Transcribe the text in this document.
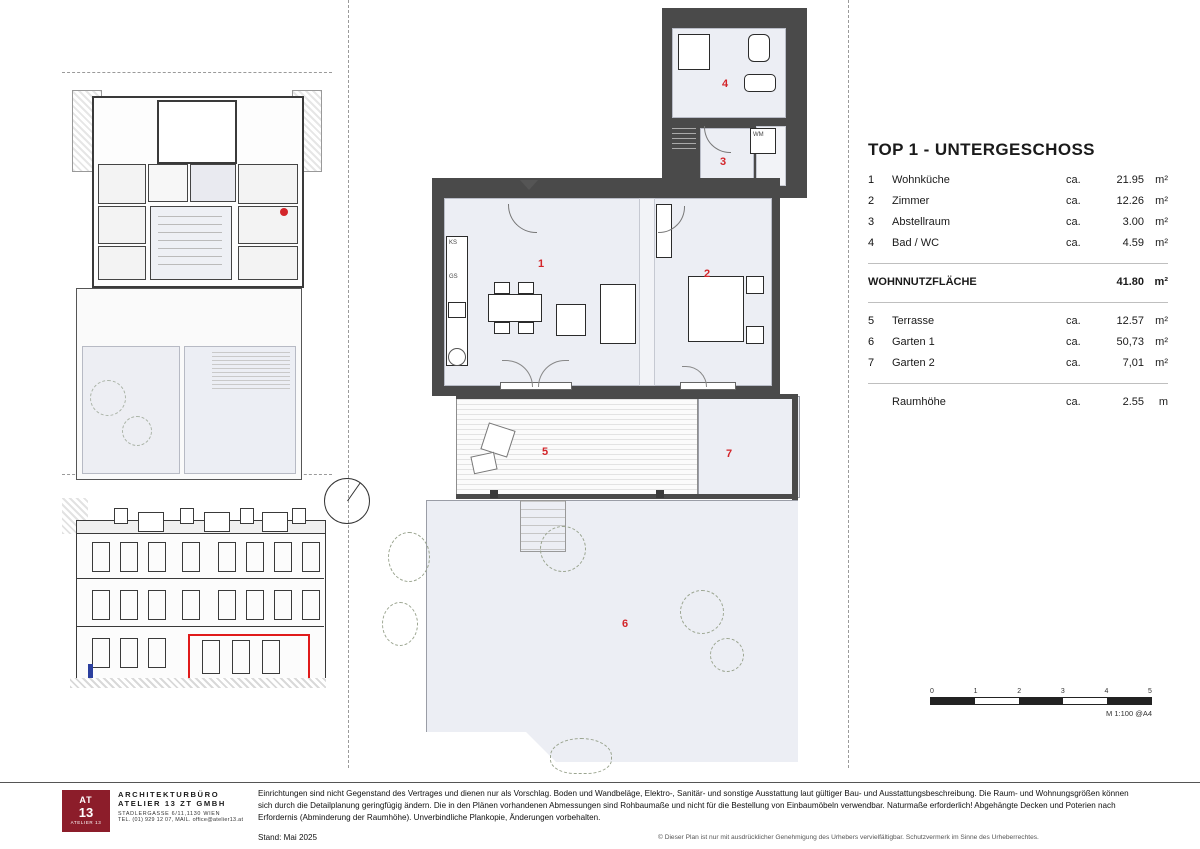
WM
4
3
KS
GS
1
2
5	7
6
TOP 1 - UNTERGESCHOSS
1	Wohnküche	ca.	21.95	m²
2	Zimmer	ca.	12.26	m²
3	Abstellraum	ca.	3.00	m²
4	Bad / WC	ca.	4.59	m²
WOHNNUTZFLÄCHE	41.80 m²
5	Terrasse	ca.	12.57	m²
6	Garten 1	ca.	50,73	m²
7	Garten 2	ca.	7,01	m²
Raumhöhe	ca.	2.55	m
0	1	2	3	4	5
M 1:100 @A4
AT
13
ATELIER 13
ARCHITEKTURBÜRO
ATELIER 13 ZT GMBH
STADLERGASSE 6/11,1130 WIEN
TEL. (01) 929 12 07, MAIL. office@atelier13.at
Einrichtungen sind nicht Gegenstand des Vertrages und dienen nur als Vorschlag. Boden und Wandbeläge, Elektro-, Sanitär- und sonstige Ausstattung laut gültiger Bau- und Ausstattungsbeschreibung. Die Raum- und Wohnungsgrößen können sich durch die Detailplanung geringfügig ändern. Die in den Plänen vorhandenen Abmessungen sind Rohbaumaße und nicht für die Bestellung von Einbaumöbeln verwendbar. Naturmaße erforderlich! Abgehängte Decken und Poterien nach Erfordernis (Abminderung der Raumhöhe). Unverbindliche Plankopie, Änderungen vorbehalten.
Stand: Mai 2025	© Dieser Plan ist nur mit ausdrücklicher Genehmigung des Urhebers vervielfältigbar. Schutzvermerk im Sinne des Urheberrechtes.
